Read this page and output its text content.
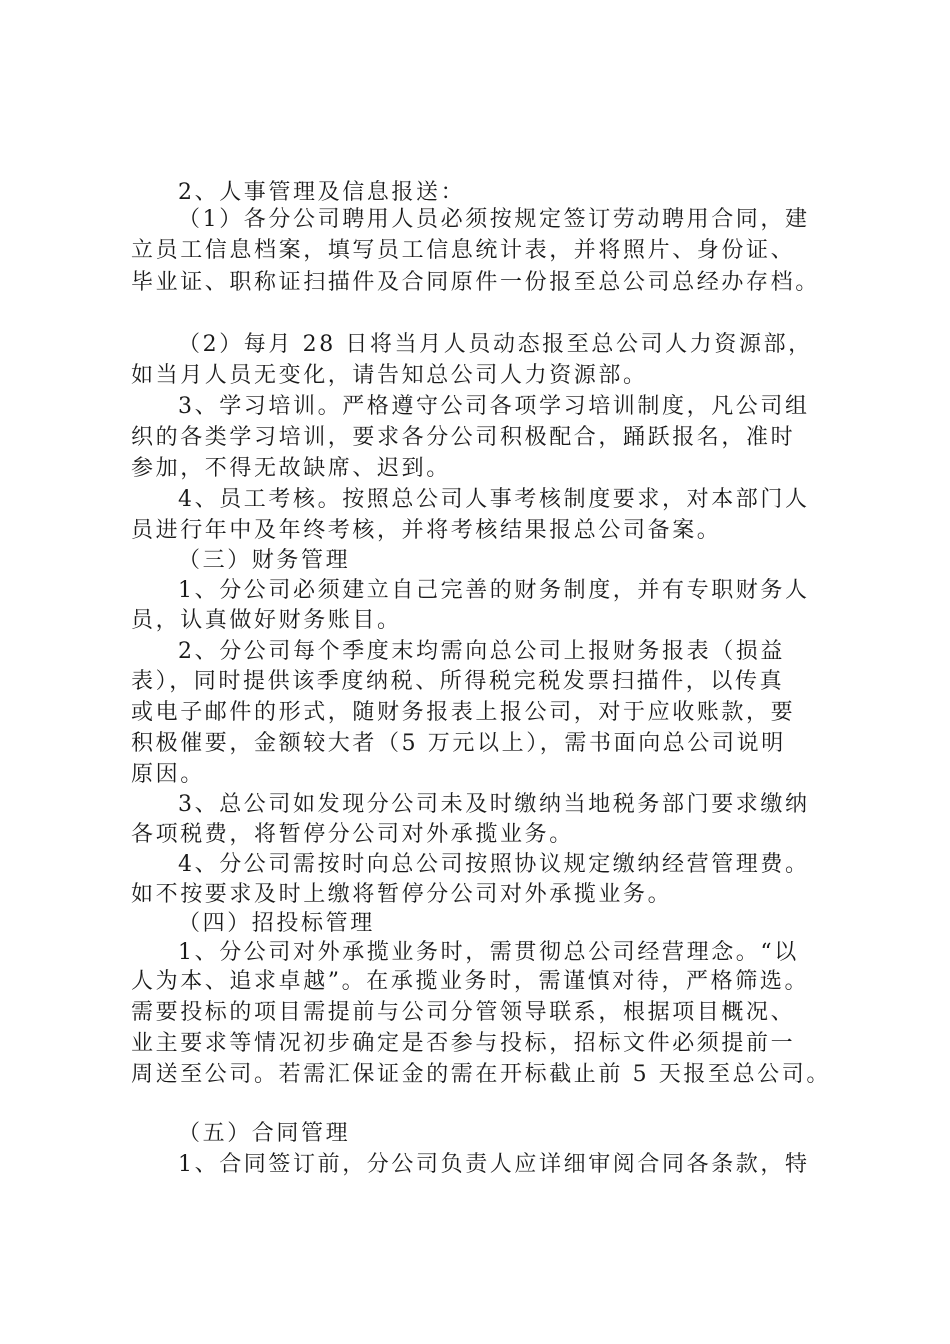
2、人事管理及信息报送：
（1）各分公司聘用人员必须按规定签订劳动聘用合同，建
立员工信息档案，填写员工信息统计表，并将照片、身份证、
毕业证、职称证扫描件及合同原件一份报至总公司总经办存档。
（2）每月 28 日将当月人员动态报至总公司人力资源部，
如当月人员无变化，请告知总公司人力资源部。
3、学习培训。严格遵守公司各项学习培训制度，凡公司组
织的各类学习培训，要求各分公司积极配合，踊跃报名，准时
参加，不得无故缺席、迟到。
4、员工考核。按照总公司人事考核制度要求，对本部门人
员进行年中及年终考核，并将考核结果报总公司备案。
（三）财务管理
1、分公司必须建立自己完善的财务制度，并有专职财务人
员，认真做好财务账目。
2、分公司每个季度末均需向总公司上报财务报表（损益
表），同时提供该季度纳税、所得税完税发票扫描件，以传真
或电子邮件的形式，随财务报表上报公司，对于应收账款，要
积极催要，金额较大者（5 万元以上），需书面向总公司说明
原因。
3、总公司如发现分公司未及时缴纳当地税务部门要求缴纳
各项税费，将暂停分公司对外承揽业务。
4、分公司需按时向总公司按照协议规定缴纳经营管理费。
如不按要求及时上缴将暂停分公司对外承揽业务。
（四）招投标管理
1、分公司对外承揽业务时，需贯彻总公司经营理念。“以
人为本、追求卓越”。在承揽业务时，需谨慎对待，严格筛选。
需要投标的项目需提前与公司分管领导联系，根据项目概况、
业主要求等情况初步确定是否参与投标，招标文件必须提前一
周送至公司。若需汇保证金的需在开标截止前 5 天报至总公司。
（五）合同管理
1、合同签订前，分公司负责人应详细审阅合同各条款，特
